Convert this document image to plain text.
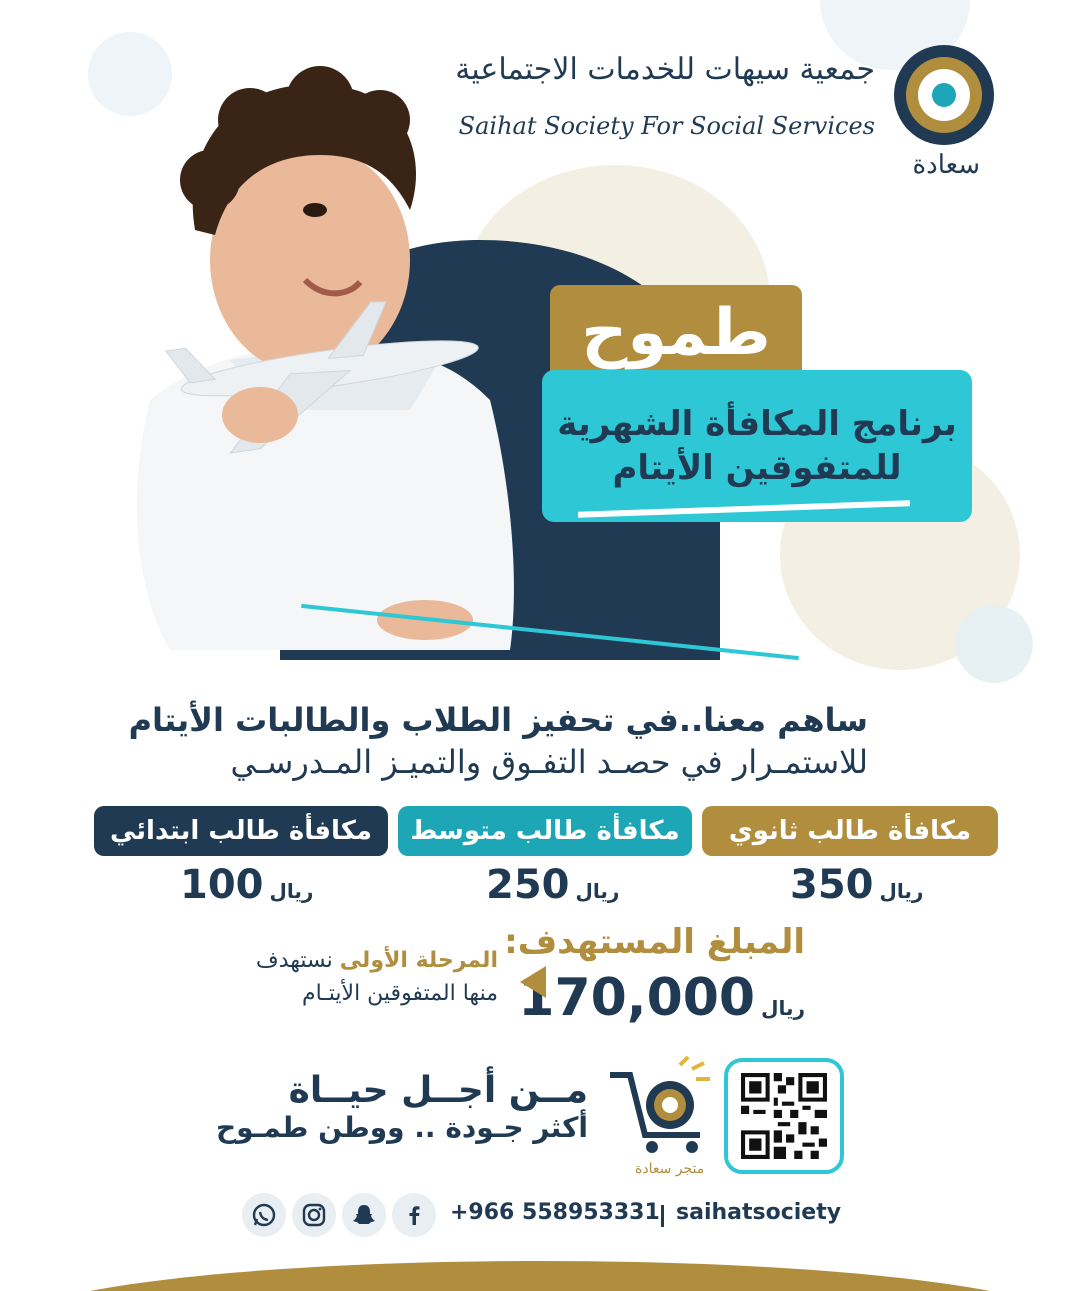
جمعية سيهات للخدمات الاجتماعية
Saihat Society For Social Services
سعادة
طموح
برنامج المكافأة الشهرية
للمتفوقين الأيتام
ساهم معنا..في تحفيز الطلاب والطالبات الأيتام
للاستمـرار في حصـد التفـوق والتميـز المـدرسـي
مكافأة طالب ثانوي
مكافأة طالب متوسط
مكافأة طالب ابتدائي
ريال350
ريال250
ريال100
المبلغ المستهدف:
ريال170,000
المرحلة الأولى نستهدف
منها المتفوقين الأيتـام
مــن أجــل حيــاة
أكثر جـودة .. ووطن طمـوح
متجر سعادة
+966 558953331 saihatsociety
